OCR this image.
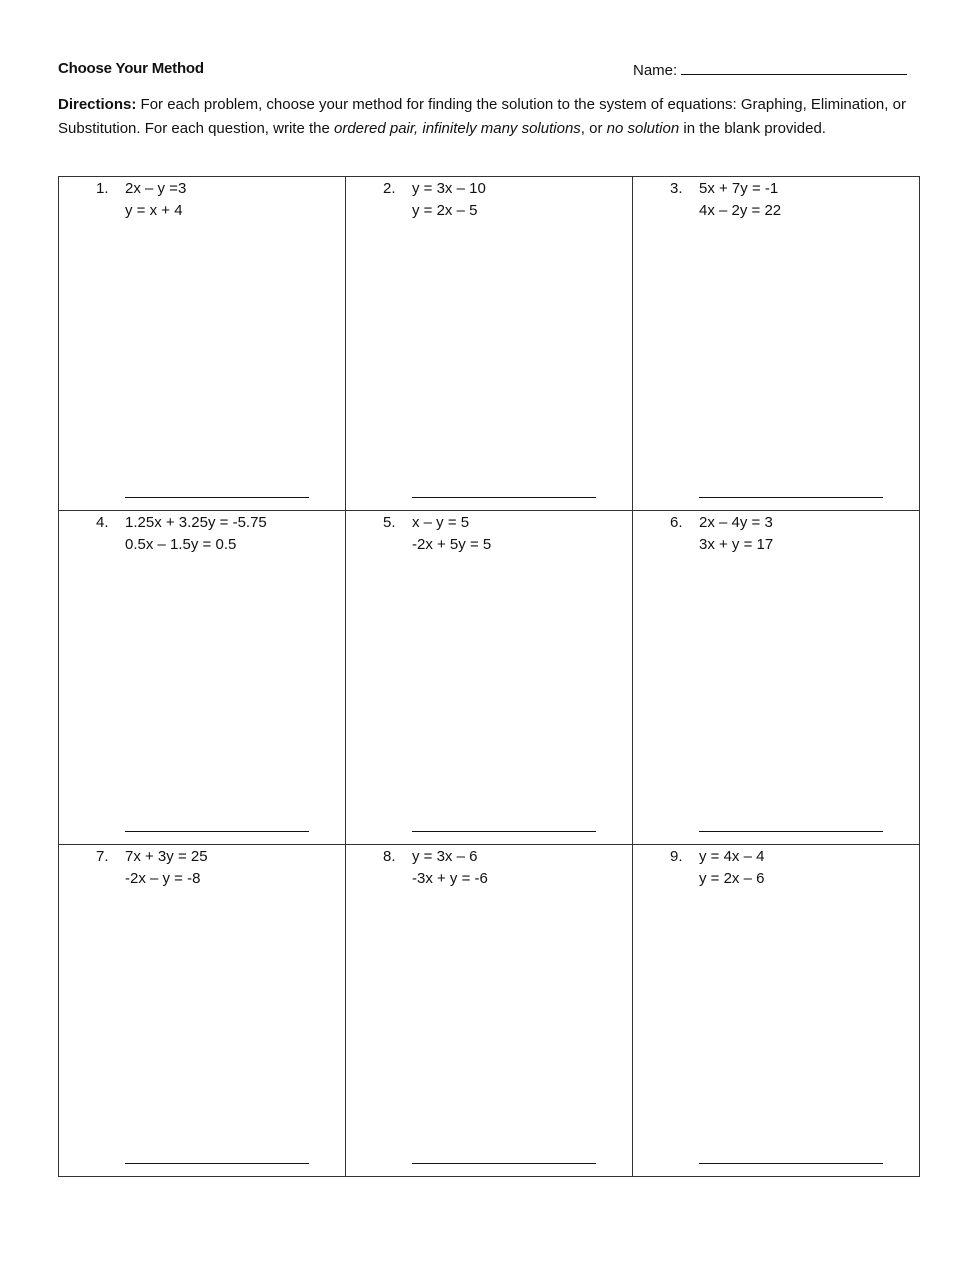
Choose Your Method	Name:
Directions: For each problem, choose your method for finding the solution to the system of equations: Graphing, Elimination, or Substitution. For each question, write the ordered pair, infinitely many solutions, or no solution in the blank provided.
1. 2x – y =3
y = x + 4
2. y = 3x – 10
y = 2x – 5
3. 5x + 7y = -1
4x – 2y = 22
4. 1.25x + 3.25y = -5.75
0.5x – 1.5y = 0.5
5. x – y = 5
-2x + 5y = 5
6. 2x – 4y = 3
3x + y = 17
7. 7x + 3y = 25
-2x – y = -8
8. y = 3x – 6
-3x + y = -6
9. y = 4x – 4
y = 2x – 6
